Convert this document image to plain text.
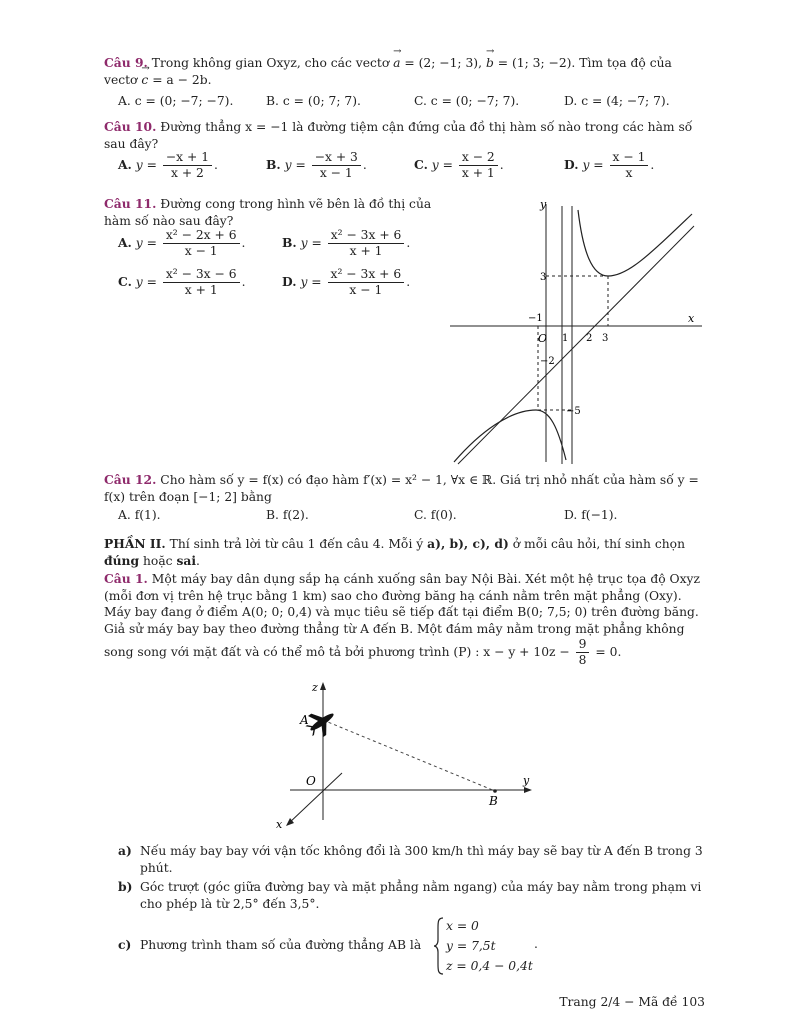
Câu 9. Trong không gian Oxyz, cho các vectơ → a = (2; −1; 3), → b = (1; 3; −2). Tìm tọa độ của
vectơ → c = a − 2b.
A. c = (0; −7; −7).	B. c = (0; 7; 7).	C. c = (0; −7; 7).	D. c = (4; −7; 7).
Câu 10. Đường thẳng x = −1 là đường tiệm cận đứng của đồ thị hàm số nào trong các hàm số sau đây?
A. $y = \frac{-x + 1}{x + 2}$ .	B. $y = \frac{-x + 3}{x - 1}$ .	C. $y = \frac{x - 2}{x + 1}$ .	D. $y = \frac{x - 1}{x}$ .
Câu 11. Đường cong trong hình vẽ bên là đồ thị của hàm số nào sau đây?
A. $y = \frac{\text{x² − 2x + 6}}{x - 1}$ .	B. $y = \frac{\text{x² − 3x + 6}}{x + 1}$ .
C. $y = \frac{\text{x² − 3x − 6}}{x + 1}$ .	D. $y = \frac{\text{x² − 3x + 6}}{x - 1}$ .
y
x
O
−1
1 2 3
3
−2
−5
Câu 12. Cho hàm số y = f(x) có đạo hàm f′(x) = x² − 1, ∀x ∈ ℝ. Giá trị nhỏ nhất của hàm số y = f(x) trên đoạn [−1; 2] bằng
A. f(1).	B. f(2).	C. f(0).	D. f(−1).
PHẦN II. Thí sinh trả lời từ câu 1 đến câu 4. Mỗi ý a), b), c), d) ở mỗi câu hỏi, thí sinh chọn đúng hoặc sai.
Câu 1. Một máy bay dân dụng sắp hạ cánh xuống sân bay Nội Bài. Xét một hệ trục tọa độ Oxyz (mỗi đơn vị trên hệ trục bằng 1 km) sao cho đường băng hạ cánh nằm trên mặt phẳng (Oxy). Máy bay đang ở điểm A(0; 0; 0,4) và mục tiêu sẽ tiếp đất tại điểm B(0; 7,5; 0) trên đường băng. Giả sử máy bay bay theo đường thẳng từ A đến B. Một đám mây nằm trong mặt phẳng không
song song với mặt đất và có thể mô tả bởi phương trình (P) : $x - y + 10z - \frac{9}{8} = 0$.
z
A
O	y
B
x
a) Nếu máy bay bay với vận tốc không đổi là 300 km/h thì máy bay sẽ bay từ A đến B trong 3 phút.
b) Góc trượt (góc giữa đường bay và mặt phẳng nằm ngang) của máy bay nằm trong phạm vi cho phép là từ 2,5° đến 3,5°.
c) Phương trình tham số của đường thẳng AB là
x = 0
y = 7,5t
z = 0,4 − 0,4t
.
Trang 2/4 − Mã đề 103
